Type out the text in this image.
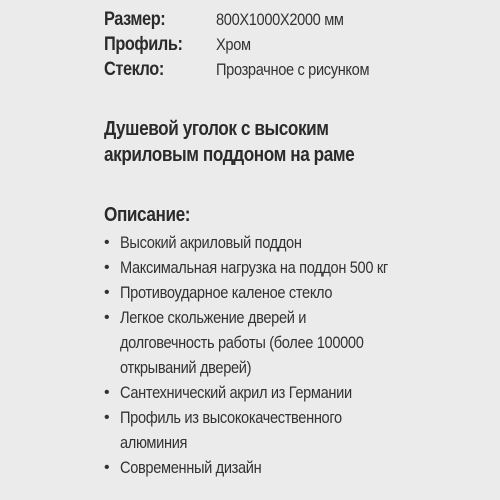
Размер:	800Х1000Х2000 мм
Профиль:	Хром
Стекло:	Прозрачное с рисунком
Душевой уголок с высоким
акриловым поддоном на раме
Описание:
• Высокий акриловый поддон
• Максимальная нагрузка на поддон 500 кг
• Противоударное каленое стекло
• Легкое скольжение дверей и
долговечность работы (более 100000
открываний дверей)
• Сантехнический акрил из Германии
• Профиль из высококачественного
алюминия
• Современный дизайн
